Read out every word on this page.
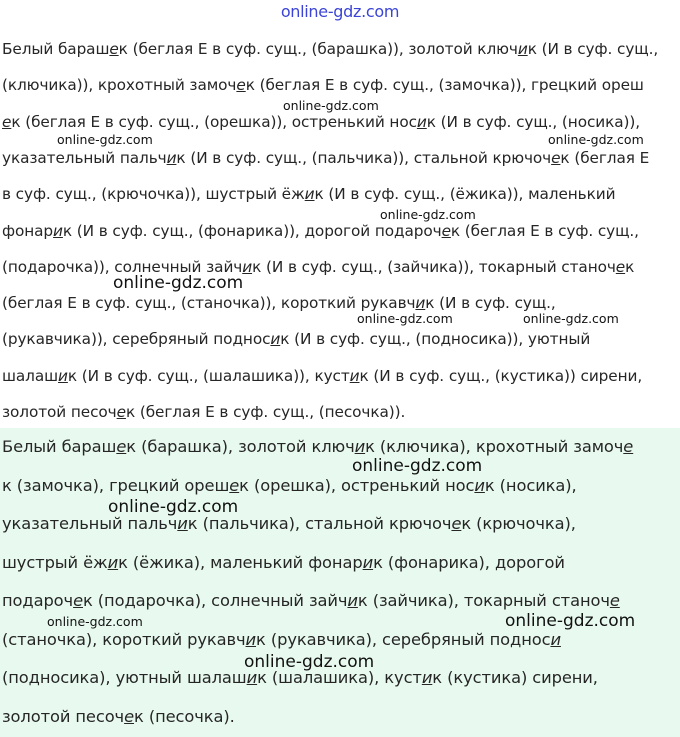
online-gdz.com
Белый барашек (беглая Е в суф. сущ., (барашка)), золотой ключик (И в суф. сущ.,
(ключика)), крохотный замочек (беглая Е в суф. сущ., (замочка)), грецкий ореш
ек (беглая Е в суф. сущ., (орешка)), остренький носик (И в суф. сущ., (носика)),
указательный пальчик (И в суф. сущ., (пальчика)), стальной крючочек (беглая Е
в суф. сущ., (крючочка)), шустрый ёжик (И в суф. сущ., (ёжика)), маленький
фонарик (И в суф. сущ., (фонарика)), дорогой подарочек (беглая Е в суф. сущ.,
(подарочка)), солнечный зайчик (И в суф. сущ., (зайчика)), токарный станочек
(беглая Е в суф. сущ., (станочка)), короткий рукавчик (И в суф. сущ.,
(рукавчика)), серебряный подносик (И в суф. сущ., (подносика)), уютный
шалашик (И в суф. сущ., (шалашика)), кустик (И в суф. сущ., (кустика)) сирени,
золотой песочек (беглая Е в суф. сущ., (песочка)).
Белый барашек (барашка), золотой ключик (ключика), крохотный замоче
к (замочка), грецкий орешек (орешка), остренький носик (носика),
указательный пальчик (пальчика), стальной крючочек (крючочка),
шустрый ёжик (ёжика), маленький фонарик (фонарика), дорогой
подарочек (подарочка), солнечный зайчик (зайчика), токарный станоче
(станочка), короткий рукавчик (рукавчика), серебряный подноси
(подносика), уютный шалашик (шалашика), кустик (кустика) сирени,
золотой песочек (песочка).
online-gdz.com
online-gdz.com	online-gdz.com
online-gdz.com
online-gdz.com
online-gdz.com	online-gdz.com
online-gdz.com
online-gdz.com
online-gdz.com	online-gdz.com
online-gdz.com
